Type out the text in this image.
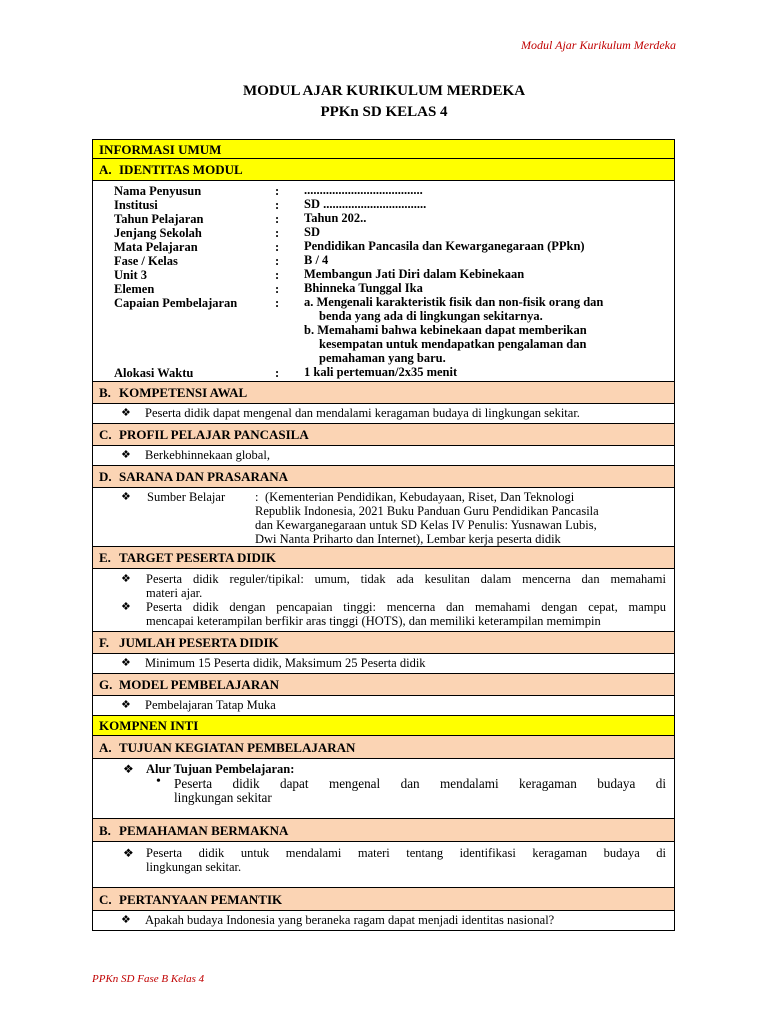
Modul Ajar Kurikulum Merdeka
MODUL AJAR KURIKULUM MERDEKA
PPKn SD KELAS 4
INFORMASI UMUM
A. IDENTITAS MODUL
Nama Penyusun	: ......................................
Institusi	: SD .................................
Tahun Pelajaran	: Tahun 202..
Jenjang Sekolah	: SD
Mata Pelajaran	: Pendidikan Pancasila dan Kewarganegaraan (PPkn)
Fase / Kelas	: B / 4
Unit 3	: Membangun Jati Diri dalam Kebinekaan
Elemen	: Bhinneka Tunggal Ika
Capaian Pembelajaran	: a. Mengenali karakteristik fisik dan non-fisik orang dan
benda yang ada di lingkungan sekitarnya.
b. Memahami bahwa kebinekaan dapat memberikan
kesempatan untuk mendapatkan pengalaman dan
pemahaman yang baru.
Alokasi Waktu	: 1 kali pertemuan/2x35 menit
B. KOMPETENSI AWAL
❖	Peserta didik dapat mengenal dan mendalami keragaman budaya di lingkungan sekitar.
C. PROFIL PELAJAR PANCASILA
❖	Berkebhinnekaan global,
D. SARANA DAN PRASARANA
❖ Sumber Belajar : (Kementerian Pendidikan, Kebudayaan, Riset, Dan Teknologi
Republik Indonesia, 2021 Buku Panduan Guru Pendidikan Pancasila
dan Kewarganegaraan untuk SD Kelas IV Penulis: Yusnawan Lubis,
Dwi Nanta Priharto dan Internet), Lembar kerja peserta didik
E. TARGET PESERTA DIDIK
❖ Peserta didik reguler/tipikal: umum, tidak ada kesulitan dalam mencerna dan memahami
materi ajar.
❖ Peserta didik dengan pencapaian tinggi: mencerna dan memahami dengan cepat, mampu
mencapai keterampilan berfikir aras tinggi (HOTS), dan memiliki keterampilan memimpin
F. JUMLAH PESERTA DIDIK
❖	Minimum 15 Peserta didik, Maksimum 25 Peserta didik
G. MODEL PEMBELAJARAN
❖	Pembelajaran Tatap Muka
KOMPNEN INTI
A. TUJUAN KEGIATAN PEMBELAJARAN
❖ Alur Tujuan Pembelajaran:
• Peserta didik dapat mengenal dan mendalami keragaman budaya di
lingkungan sekitar
B. PEMAHAMAN BERMAKNA
❖ Peserta didik untuk mendalami materi tentang identifikasi keragaman budaya di
lingkungan sekitar.
C. PERTANYAAN PEMANTIK
❖	Apakah budaya Indonesia yang beraneka ragam dapat menjadi identitas nasional?
PPKn SD Fase B Kelas 4
